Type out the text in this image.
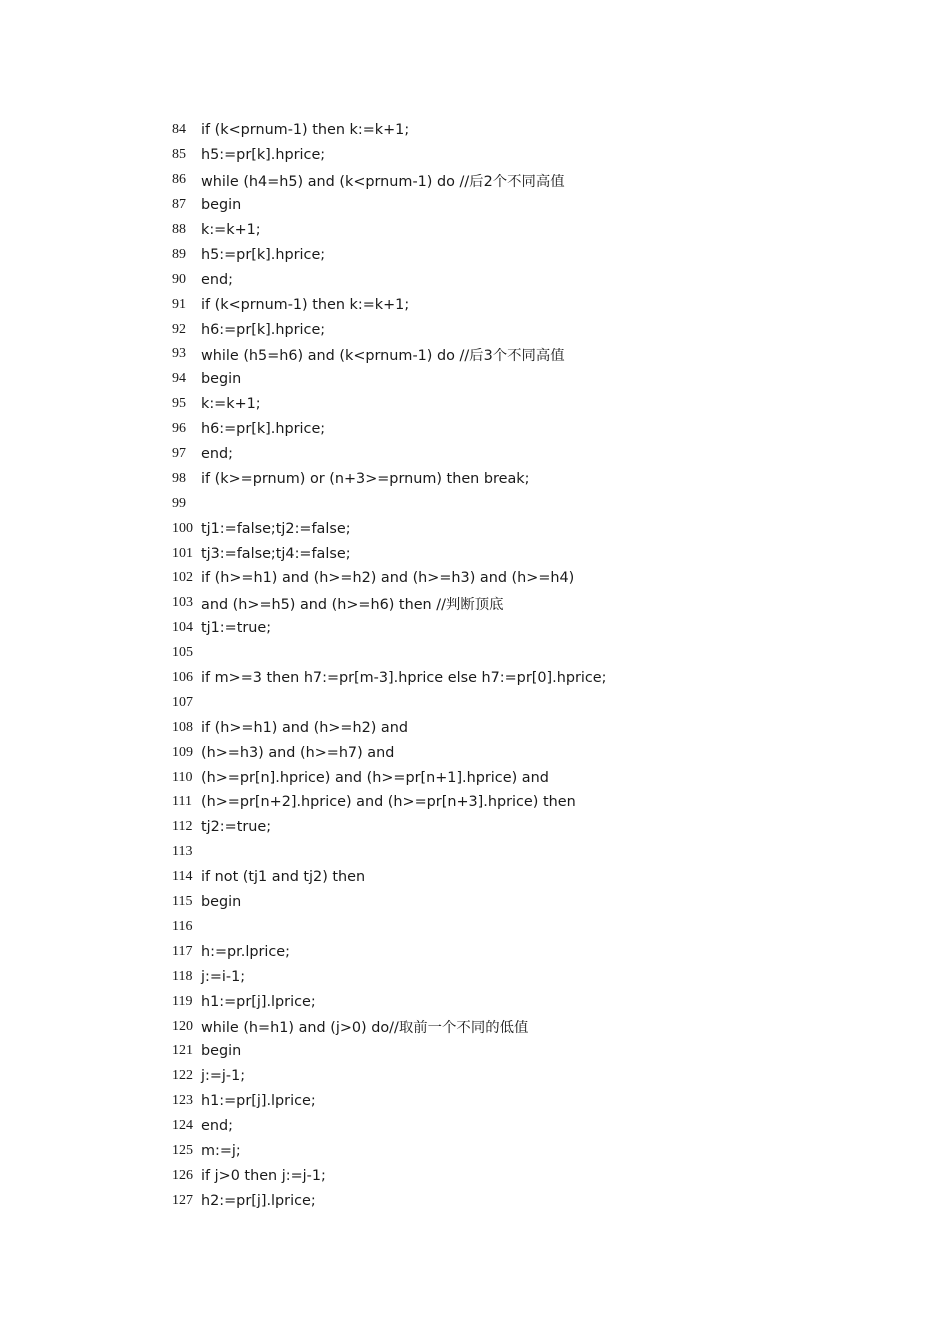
84	if (k<prnum-1) then k:=k+1;
85	h5:=pr[k].hprice;
86	while (h4=h5) and (k<prnum-1) do //后2个不同高值
87	begin
88	k:=k+1;
89	h5:=pr[k].hprice;
90	end;
91	if (k<prnum-1) then k:=k+1;
92	h6:=pr[k].hprice;
93	while (h5=h6) and (k<prnum-1) do //后3个不同高值
94	begin
95	k:=k+1;
96	h6:=pr[k].hprice;
97	end;
98	if (k>=prnum) or (n+3>=prnum) then break;
99
100 tj1:=false;tj2:=false;
101 tj3:=false;tj4:=false;
102 if (h>=h1) and (h>=h2) and (h>=h3) and (h>=h4)
103 and (h>=h5) and (h>=h6) then //判断顶底
104 tj1:=true;
105
106 if m>=3 then h7:=pr[m-3].hprice else h7:=pr[0].hprice;
107
108 if (h>=h1) and (h>=h2) and
109 (h>=h3) and (h>=h7) and
110 (h>=pr[n].hprice) and (h>=pr[n+1].hprice) and
111 (h>=pr[n+2].hprice) and (h>=pr[n+3].hprice) then
112 tj2:=true;
113
114 if not (tj1 and tj2) then
115 begin
116
117 h:=pr.lprice;
118 j:=i-1;
119 h1:=pr[j].lprice;
120 while (h=h1) and (j>0) do//取前一个不同的低值
121 begin
122 j:=j-1;
123 h1:=pr[j].lprice;
124 end;
125 m:=j;
126 if j>0 then j:=j-1;
127 h2:=pr[j].lprice;
